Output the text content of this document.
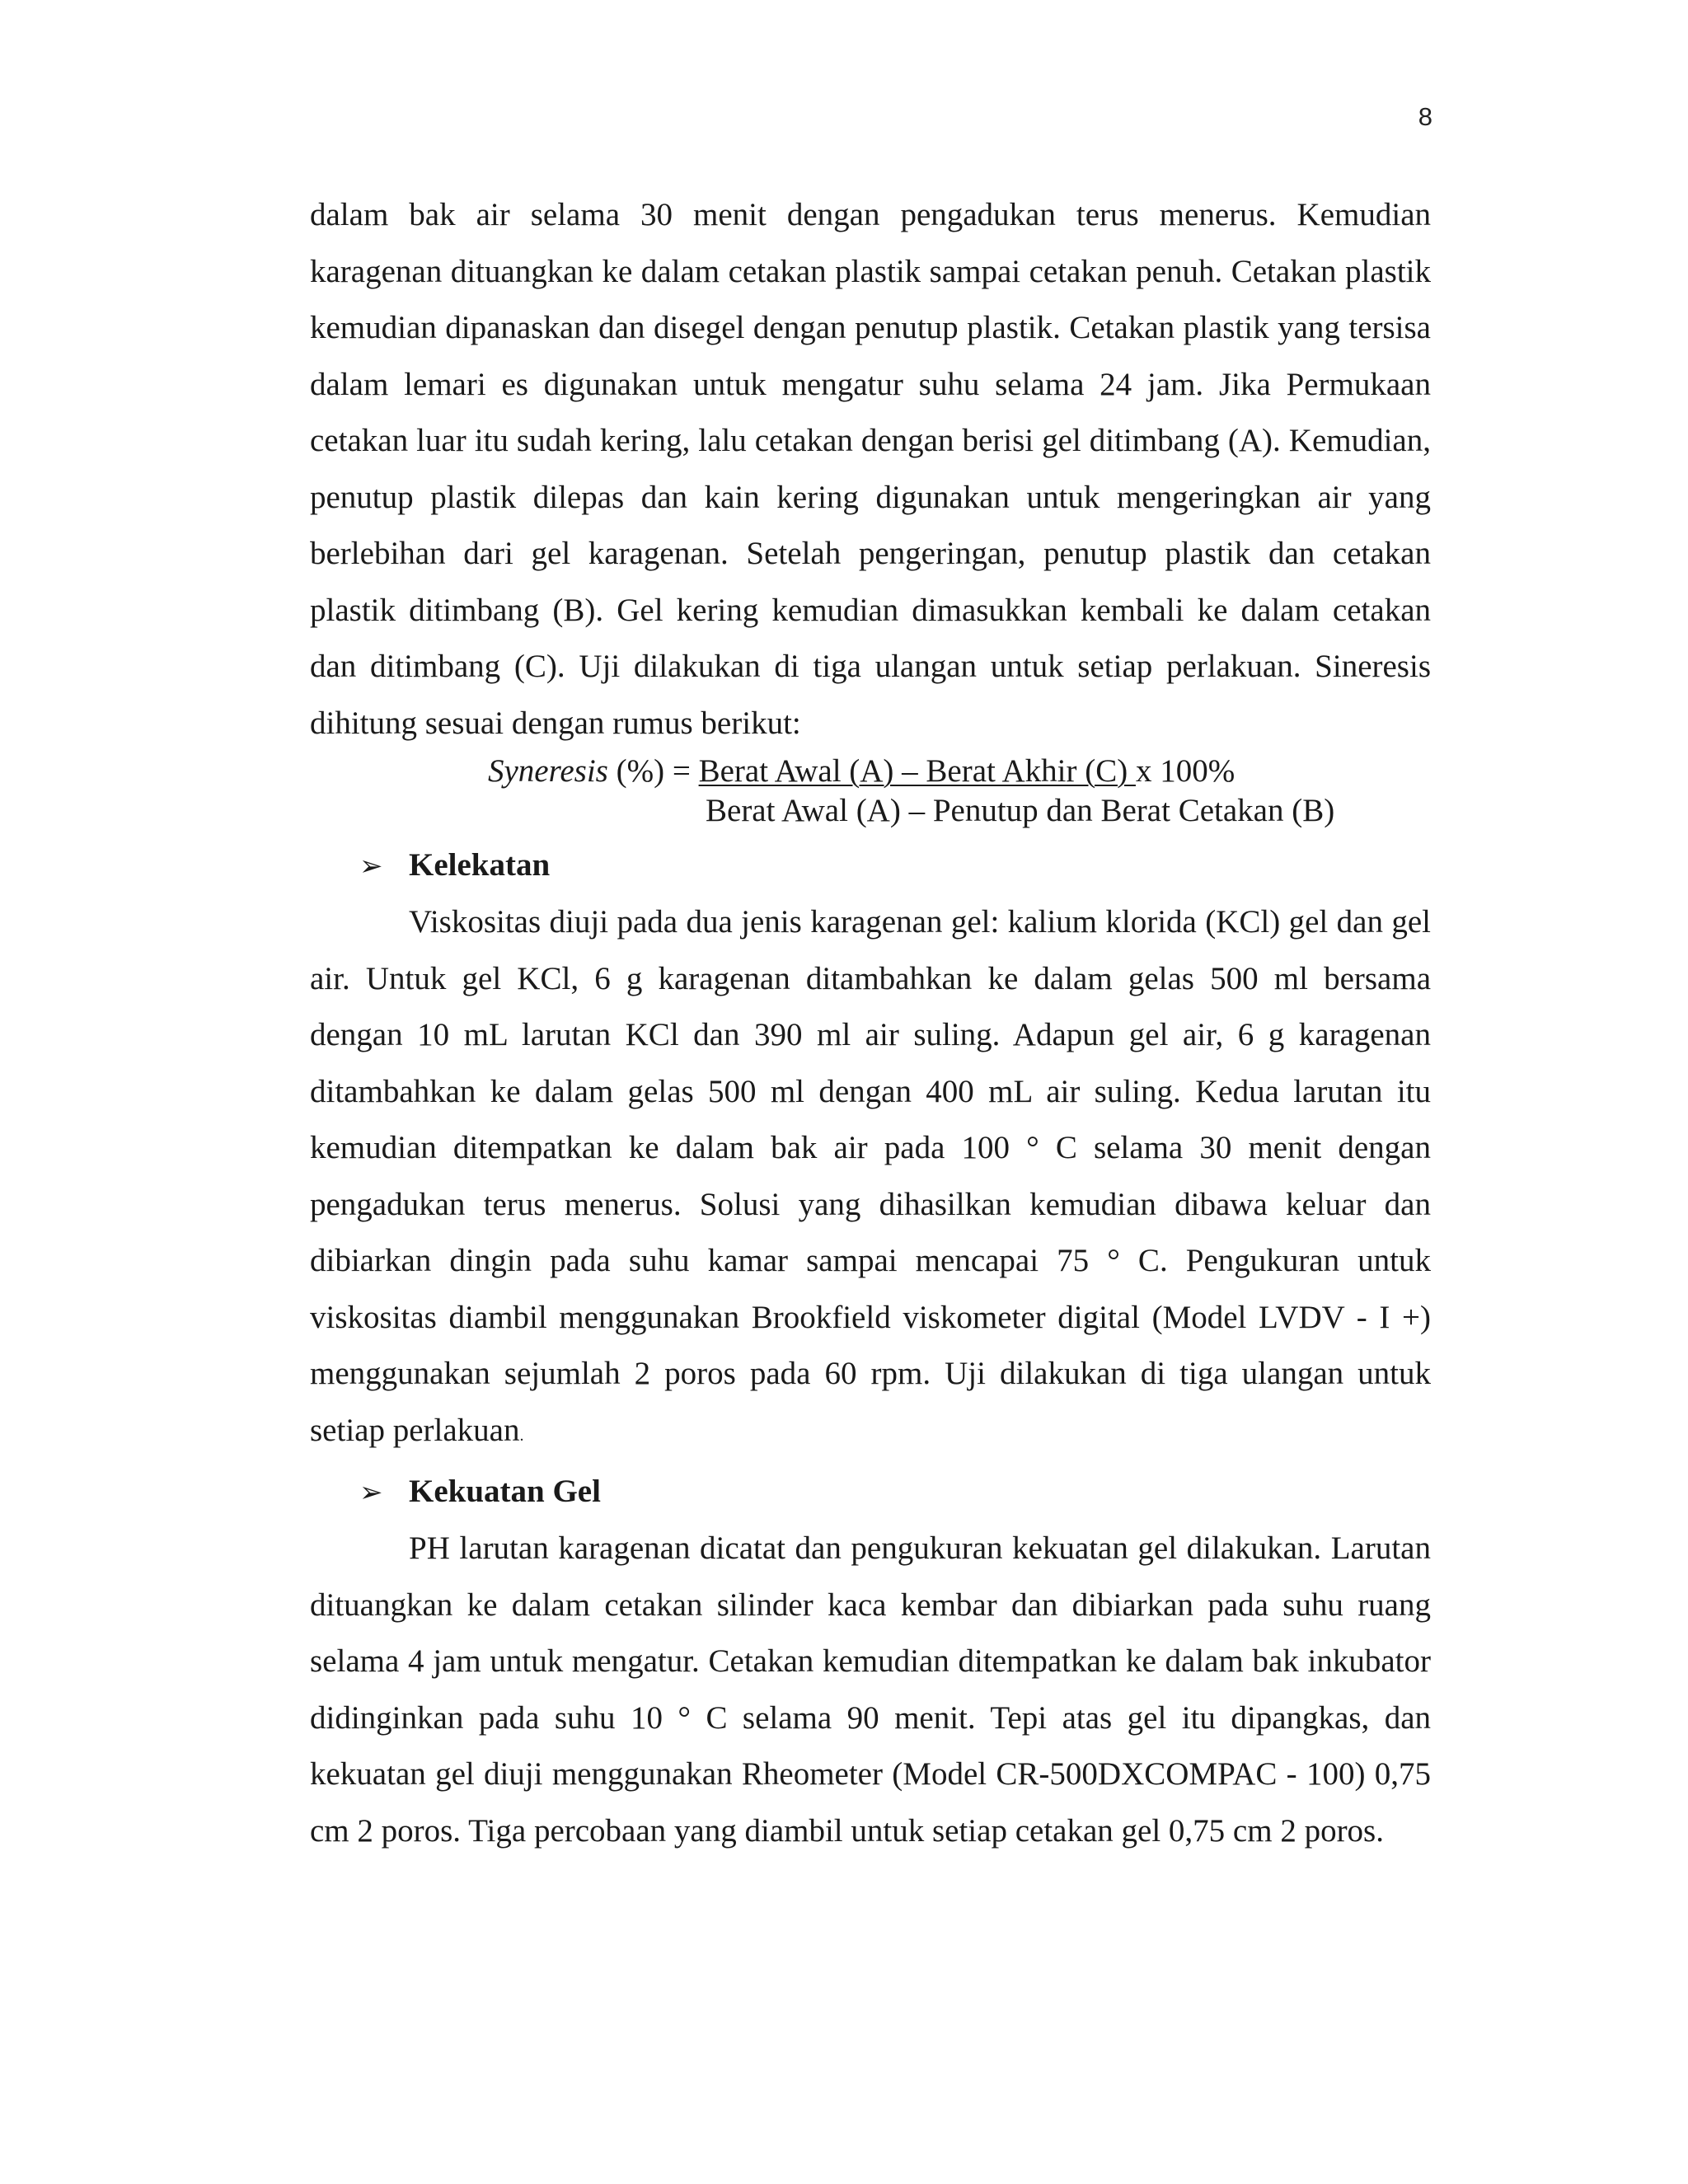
8

dalam bak air selama 30 menit dengan pengadukan terus menerus. Kemudian karagenan dituangkan ke dalam cetakan plastik sampai cetakan penuh. Cetakan plastik kemudian dipanaskan dan disegel dengan penutup plastik. Cetakan plastik yang tersisa dalam lemari es digunakan untuk mengatur suhu selama 24 jam. Jika Permukaan cetakan luar itu sudah kering, lalu cetakan dengan berisi gel ditimbang (A). Kemudian, penutup plastik dilepas dan kain kering digunakan untuk mengeringkan air yang berlebihan dari gel karagenan. Setelah pengeringan, penutup plastik dan cetakan plastik ditimbang (B). Gel kering kemudian dimasukkan kembali ke dalam cetakan dan ditimbang (C). Uji dilakukan di tiga ulangan untuk setiap perlakuan. Sineresis dihitung sesuai dengan rumus berikut:

Syneresis (%) = Berat Awal (A) – Berat Akhir (C) x 100%
Berat Awal (A) – Penutup dan Berat Cetakan (B)

➢ Kelekatan

Viskositas diuji pada dua jenis karagenan gel: kalium klorida (KCl) gel dan gel air. Untuk gel KCl, 6 g karagenan ditambahkan ke dalam gelas 500 ml bersama dengan 10 mL larutan KCl dan 390 ml air suling. Adapun gel air, 6 g karagenan ditambahkan ke dalam gelas 500 ml dengan 400 mL air suling. Kedua larutan itu kemudian ditempatkan ke dalam bak air pada 100 ° C selama 30 menit dengan pengadukan terus menerus. Solusi yang dihasilkan kemudian dibawa keluar dan dibiarkan dingin pada suhu kamar sampai mencapai 75 ° C. Pengukuran untuk viskositas diambil menggunakan Brookfield viskometer digital (Model LVDV - I +) menggunakan sejumlah 2 poros pada 60 rpm. Uji dilakukan di tiga ulangan untuk setiap perlakuan.

➢ Kekuatan Gel

PH larutan karagenan dicatat dan pengukuran kekuatan gel dilakukan. Larutan dituangkan ke dalam cetakan silinder kaca kembar dan dibiarkan pada suhu ruang selama 4 jam untuk mengatur. Cetakan kemudian ditempatkan ke dalam bak inkubator didinginkan pada suhu 10 ° C selama 90 menit. Tepi atas gel itu dipangkas, dan kekuatan gel diuji menggunakan Rheometer (Model CR-500DXCOMPAC - 100) 0,75 cm 2 poros. Tiga percobaan yang diambil untuk setiap cetakan gel 0,75 cm 2 poros.
